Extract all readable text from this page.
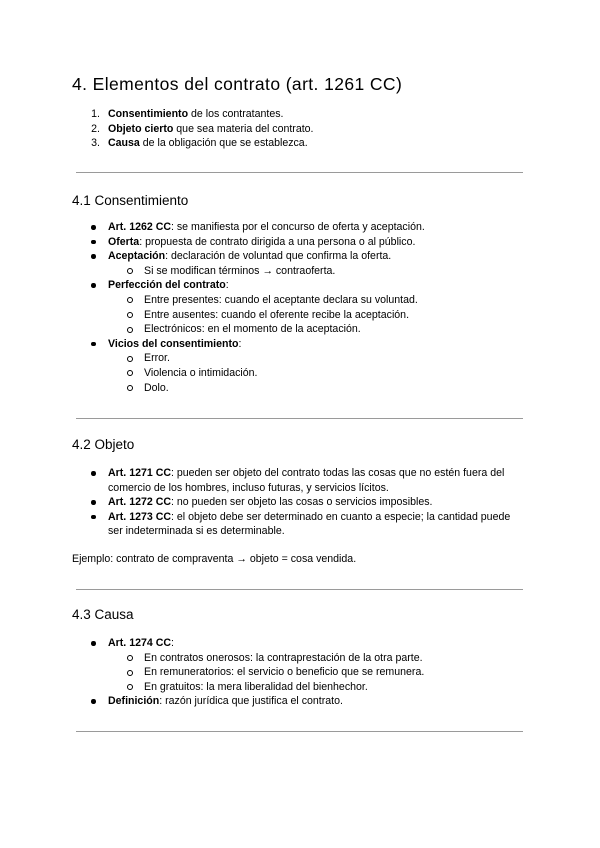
4. Elementos del contrato (art. 1261 CC)
1. Consentimiento de los contratantes.
2. Objeto cierto que sea materia del contrato.
3. Causa de la obligación que se establezca.
4.1 Consentimiento
Art. 1262 CC: se manifiesta por el concurso de oferta y aceptación.
Oferta: propuesta de contrato dirigida a una persona o al público.
Aceptación: declaración de voluntad que confirma la oferta.
Si se modifican términos → contraoferta.
Perfección del contrato:
Entre presentes: cuando el aceptante declara su voluntad.
Entre ausentes: cuando el oferente recibe la aceptación.
Electrónicos: en el momento de la aceptación.
Vicios del consentimiento:
Error.
Violencia o intimidación.
Dolo.
4.2 Objeto
Art. 1271 CC: pueden ser objeto del contrato todas las cosas que no estén fuera del comercio de los hombres, incluso futuras, y servicios lícitos.
Art. 1272 CC: no pueden ser objeto las cosas o servicios imposibles.
Art. 1273 CC: el objeto debe ser determinado en cuanto a especie; la cantidad puede ser indeterminada si es determinable.

Ejemplo: contrato de compraventa → objeto = cosa vendida.

4.3 Causa
Art. 1274 CC:
En contratos onerosos: la contraprestación de la otra parte.
En remuneratorios: el servicio o beneficio que se remunera.
En gratuitos: la mera liberalidad del bienhechor.
Definición: razón jurídica que justifica el contrato.
